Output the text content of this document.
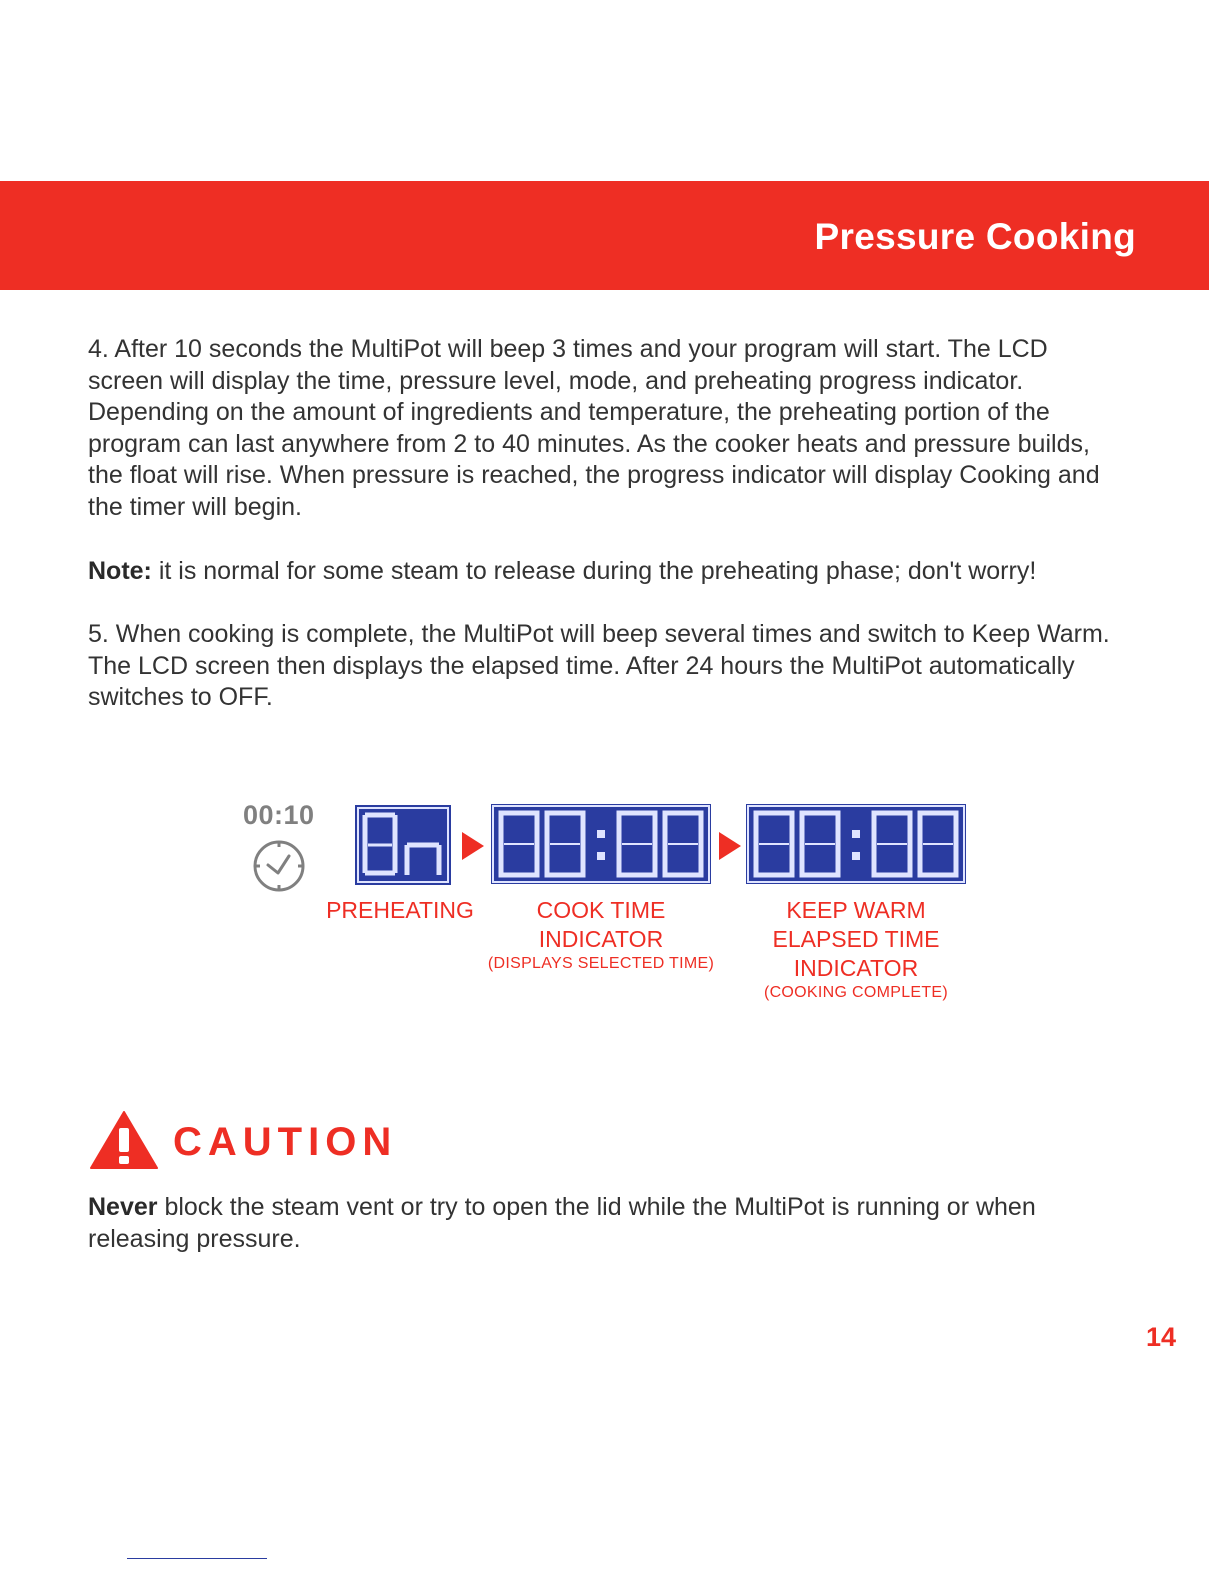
Pressure Cooking

4. After 10 seconds the MultiPot will beep 3 times and your program will start. The LCD screen will display the time, pressure level, mode, and preheating progress indicator. Depending on the amount of ingredients and temperature, the preheating portion of the program can last anywhere from 2 to 40 minutes. As the cooker heats and pressure builds, the float will rise. When pressure is reached, the progress indicator will display Cooking and the timer will begin.

Note: it is normal for some steam to release during the preheating phase; don't worry!

5. When cooking is complete, the MultiPot will beep several times and switch to Keep Warm. The LCD screen then displays the elapsed time. After 24 hours the MultiPot automatically switches to OFF.

00:10
PREHEATING	COOK TIME
INDICATOR
(DISPLAYS SELECTED TIME)
KEEP WARM
ELAPSED TIME
INDICATOR
(COOKING COMPLETE)
CAUTION

Never block the steam vent or try to open the lid while the MultiPot is running or when releasing pressure.

14
